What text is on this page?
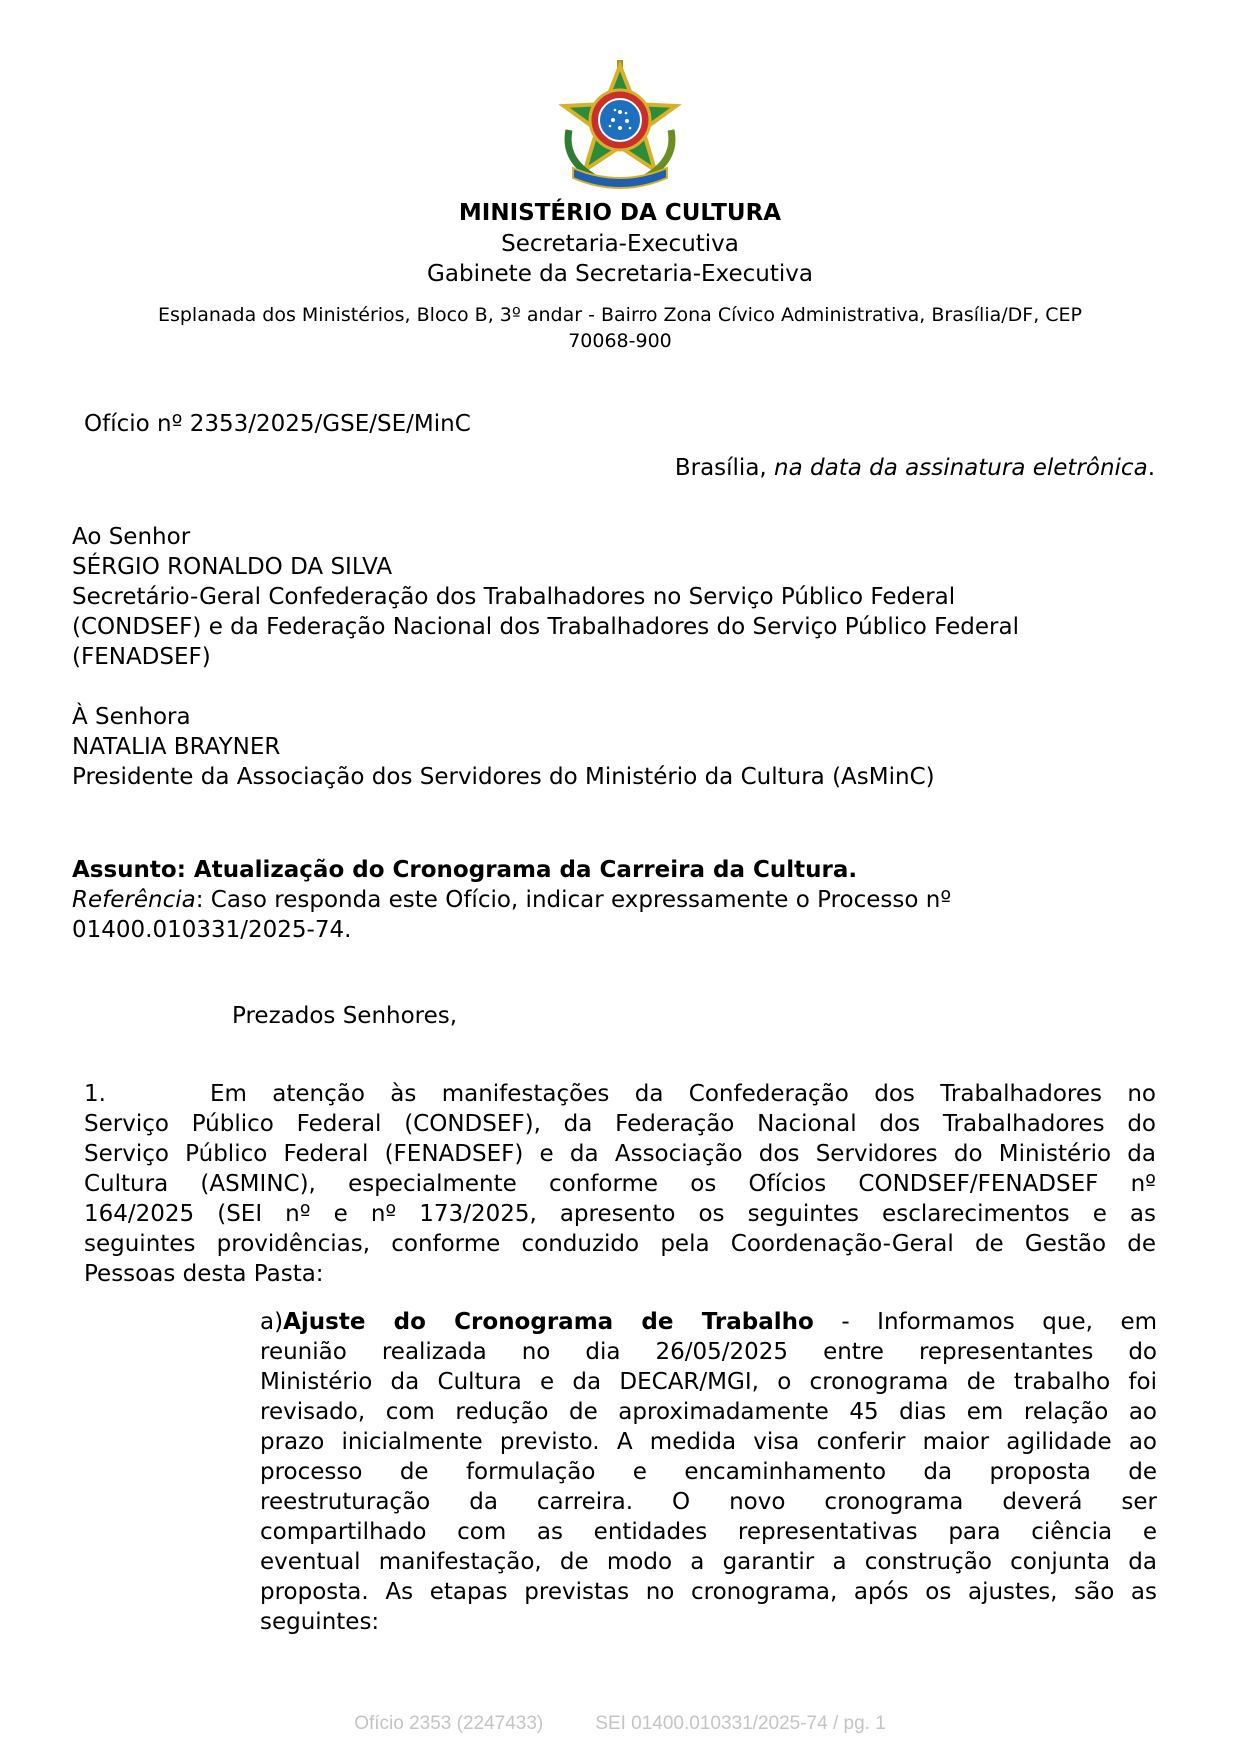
MINISTÉRIO DA CULTURA
Secretaria-Executiva
Gabinete da Secretaria-Executiva
Esplanada dos Ministérios, Bloco B, 3º andar - Bairro Zona Cívico Administrativa, Brasília/DF, CEP
70068-900
Ofício nº 2353/2025/GSE/SE/MinC
Brasília, na data da assinatura eletrônica.
Ao Senhor
SÉRGIO RONALDO DA SILVA
Secretário-Geral Confederação dos Trabalhadores no Serviço Público Federal
(CONDSEF) e da Federação Nacional dos Trabalhadores do Serviço Público Federal
(FENADSEF)
À Senhora
NATALIA BRAYNER
Presidente da Associação dos Servidores do Ministério da Cultura (AsMinC)
Assunto: Atualização do Cronograma da Carreira da Cultura.
Referência: Caso responda este Ofício, indicar expressamente o Processo nº
01400.010331/2025-74.
Prezados Senhores,
1.	Em atenção às manifestações da Confederação dos Trabalhadores no
Serviço Público Federal (CONDSEF), da Federação Nacional dos Trabalhadores do
Serviço Público Federal (FENADSEF) e da Associação dos Servidores do Ministério da
Cultura (ASMINC), especialmente conforme os Ofícios CONDSEF/FENADSEF nº
164/2025 (SEI nº e nº 173/2025, apresento os seguintes esclarecimentos e as
seguintes providências, conforme conduzido pela Coordenação-Geral de Gestão de
Pessoas desta Pasta:
a)Ajuste do Cronograma de Trabalho - Informamos que, em
reunião realizada no dia 26/05/2025 entre representantes do
Ministério da Cultura e da DECAR/MGI, o cronograma de trabalho foi
revisado, com redução de aproximadamente 45 dias em relação ao
prazo inicialmente previsto. A medida visa conferir maior agilidade ao
processo de formulação e encaminhamento da proposta de
reestruturação da carreira. O novo cronograma deverá ser
compartilhado com as entidades representativas para ciência e
eventual manifestação, de modo a garantir a construção conjunta da
proposta. As etapas previstas no cronograma, após os ajustes, são as
seguintes:
Ofício 2353 (2247433)	SEI 01400.010331/2025-74 / pg. 1
